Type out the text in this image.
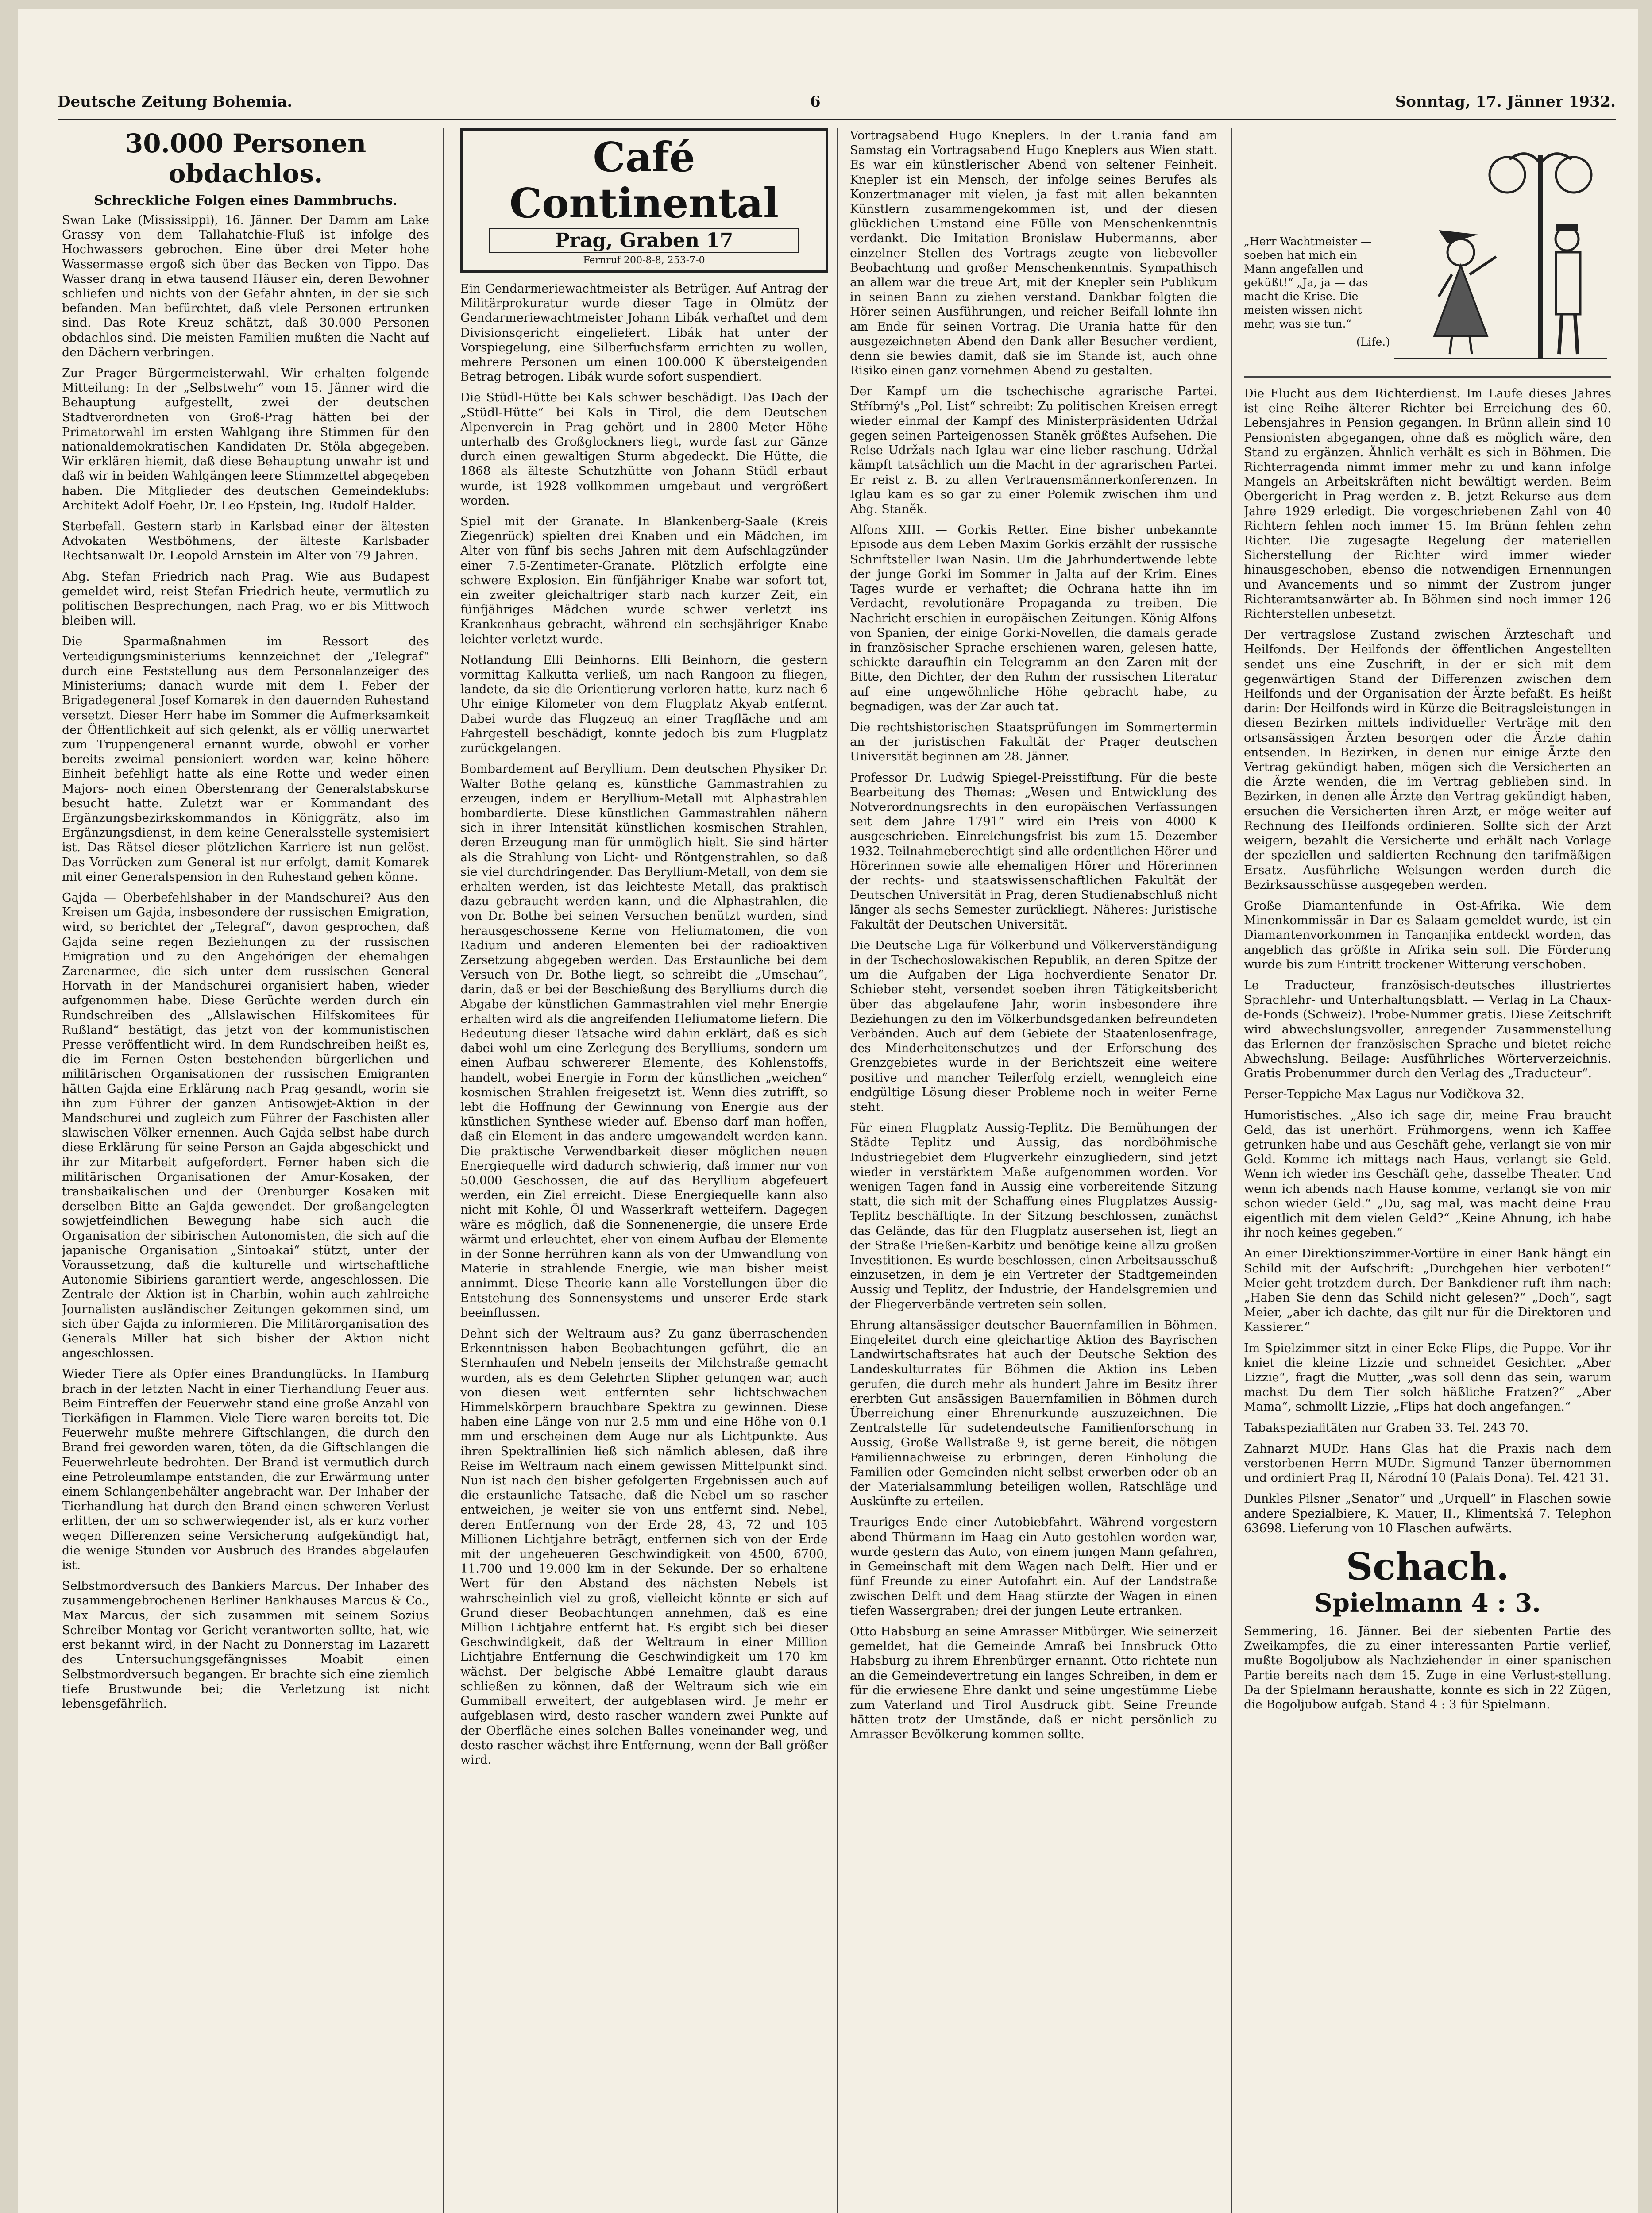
Deutsche Zeitung Bohemia.	6	Sonntag, 17. Jänner 1932.
30.000 Personen obdachlos.
Schreckliche Folgen eines Dammbruchs.

Swan Lake (Mississippi), 16. Jänner. Der Damm am Lake Grassy von dem Tallahatchie-Fluß ist infolge des Hochwassers gebrochen. Eine über drei Meter hohe Wassermasse ergoß sich über das Becken von Tippo. Das Wasser drang in etwa tausend Häuser ein, deren Bewohner schliefen und nichts von der Gefahr ahnten, in der sie sich befanden. Man befürchtet, daß viele Personen ertrunken sind. Das Rote Kreuz schätzt, daß 30.000 Personen obdachlos sind. Die meisten Familien mußten die Nacht auf den Dächern verbringen.

Zur Prager Bürgermeisterwahl. Wir erhalten folgende Mitteilung: In der „Selbstwehr“ vom 15. Jänner wird die Behauptung aufgestellt, zwei der deutschen Stadtverordneten von Groß-Prag hätten bei der Primatorwahl im ersten Wahlgang ihre Stimmen für den nationaldemokratischen Kandidaten Dr. Stöla abgegeben. Wir erklären hiemit, daß diese Behauptung unwahr ist und daß wir in beiden Wahlgängen leere Stimmzettel abgegeben haben. Die Mitglieder des deutschen Gemeindeklubs: Architekt Adolf Foehr, Dr. Leo Epstein, Ing. Rudolf Halder.

Sterbefall. Gestern starb in Karlsbad einer der ältesten Advokaten Westböhmens, der älteste Karlsbader Rechtsanwalt Dr. Leopold Arnstein im Alter von 79 Jahren.

Abg. Stefan Friedrich nach Prag. Wie aus Budapest gemeldet wird, reist Stefan Friedrich heute, vermutlich zu politischen Besprechungen, nach Prag, wo er bis Mittwoch bleiben will.

Die Sparmaßnahmen im Ressort des Verteidigungsministeriums kennzeichnet der „Telegraf“ durch eine Feststellung aus dem Personalanzeiger des Ministeriums; danach wurde mit dem 1. Feber der Brigadegeneral Josef Komarek in den dauernden Ruhestand versetzt. Dieser Herr habe im Sommer die Aufmerksamkeit der Öffentlichkeit auf sich gelenkt, als er völlig unerwartet zum Truppengeneral ernannt wurde, obwohl er vorher bereits zweimal pensioniert worden war, keine höhere Einheit befehligt hatte als eine Rotte und weder einen Majors- noch einen Oberstenrang der Generalstabskurse besucht hatte. Zuletzt war er Kommandant des Ergänzungsbezirkskommandos in Königgrätz, also im Ergänzungsdienst, in dem keine Generalsstelle systemisiert ist. Das Rätsel dieser plötzlichen Karriere ist nun gelöst. Das Vorrücken zum General ist nur erfolgt, damit Komarek mit einer Generalspension in den Ruhestand gehen könne.

Gajda — Oberbefehlshaber in der Mandschurei? Aus den Kreisen um Gajda, insbesondere der russischen Emigration, wird, so berichtet der „Telegraf“, davon gesprochen, daß Gajda seine regen Beziehungen zu der russischen Emigration und zu den Angehörigen der ehemaligen Zarenarmee, die sich unter dem russischen General Horvath in der Mandschurei organisiert haben, wieder aufgenommen habe. Diese Gerüchte werden durch ein Rundschreiben des „Allslawischen Hilfskomitees für Rußland“ bestätigt, das jetzt von der kommunistischen Presse veröffentlicht wird. In dem Rundschreiben heißt es, die im Fernen Osten bestehenden bürgerlichen und militärischen Organisationen der russischen Emigranten hätten Gajda eine Erklärung nach Prag gesandt, worin sie ihn zum Führer der ganzen Antisowjet-Aktion in der Mandschurei und zugleich zum Führer der Faschisten aller slawischen Völker ernennen. Auch Gajda selbst habe durch diese Erklärung für seine Person an Gajda abgeschickt und ihr zur Mitarbeit aufgefordert. Ferner haben sich die militärischen Organisationen der Amur-Kosaken, der transbaikalischen und der Orenburger Kosaken mit derselben Bitte an Gajda gewendet. Der großangelegten sowjetfeindlichen Bewegung habe sich auch die Organisation der sibirischen Autonomisten, die sich auf die japanische Organisation „Sintoakai“ stützt, unter der Voraussetzung, daß die kulturelle und wirtschaftliche Autonomie Sibiriens garantiert werde, angeschlossen. Die Zentrale der Aktion ist in Charbin, wohin auch zahlreiche Journalisten ausländischer Zeitungen gekommen sind, um sich über Gajda zu informieren. Die Militärorganisation des Generals Miller hat sich bisher der Aktion nicht angeschlossen.

Wieder Tiere als Opfer eines Brandunglücks. In Hamburg brach in der letzten Nacht in einer Tierhandlung Feuer aus. Beim Eintreffen der Feuerwehr stand eine große Anzahl von Tierkäfigen in Flammen. Viele Tiere waren bereits tot. Die Feuerwehr mußte mehrere Giftschlangen, die durch den Brand frei geworden waren, töten, da die Giftschlangen die Feuerwehrleute bedrohten. Der Brand ist vermutlich durch eine Petroleumlampe entstanden, die zur Erwärmung unter einem Schlangenbehälter angebracht war. Der Inhaber der Tierhandlung hat durch den Brand einen schweren Verlust erlitten, der um so schwerwiegender ist, als er kurz vorher wegen Differenzen seine Versicherung aufgekündigt hat, die wenige Stunden vor Ausbruch des Brandes abgelaufen ist.

Selbstmordversuch des Bankiers Marcus. Der Inhaber des zusammengebrochenen Berliner Bankhauses Marcus & Co., Max Marcus, der sich zusammen mit seinem Sozius Schreiber Montag vor Gericht verantworten sollte, hat, wie erst bekannt wird, in der Nacht zu Donnerstag im Lazarett des Untersuchungsgefängnisses Moabit einen Selbstmordversuch begangen. Er brachte sich eine ziemlich tiefe Brustwunde bei; die Verletzung ist nicht lebensgefährlich.

Café Continental
Prag, Graben 17
Fernruf 200-8-8, 253-7-0

Ein Gendarmeriewachtmeister als Betrüger. Auf Antrag der Militärprokuratur wurde dieser Tage in Olmütz der Gendarmeriewachtmeister Johann Libák verhaftet und dem Divisionsgericht eingeliefert. Libák hat unter der Vorspiegelung, eine Silberfuchsfarm errichten zu wollen, mehrere Personen um einen 100.000 K übersteigenden Betrag betrogen. Libák wurde sofort suspendiert.

Die Stüdl-Hütte bei Kals schwer beschädigt. Das Dach der „Stüdl-Hütte“ bei Kals in Tirol, die dem Deutschen Alpenverein in Prag gehört und in 2800 Meter Höhe unterhalb des Großglockners liegt, wurde fast zur Gänze durch einen gewaltigen Sturm abgedeckt. Die Hütte, die 1868 als älteste Schutzhütte von Johann Stüdl erbaut wurde, ist 1928 vollkommen umgebaut und vergrößert worden.

Spiel mit der Granate. In Blankenberg-Saale (Kreis Ziegenrück) spielten drei Knaben und ein Mädchen, im Alter von fünf bis sechs Jahren mit dem Aufschlagzünder einer 7.5-Zentimeter-Granate. Plötzlich erfolgte eine schwere Explosion. Ein fünfjähriger Knabe war sofort tot, ein zweiter gleichaltriger starb nach kurzer Zeit, ein fünfjähriges Mädchen wurde schwer verletzt ins Krankenhaus gebracht, während ein sechsjähriger Knabe leichter verletzt wurde.

Notlandung Elli Beinhorns. Elli Beinhorn, die gestern vormittag Kalkutta verließ, um nach Rangoon zu fliegen, landete, da sie die Orientierung verloren hatte, kurz nach 6 Uhr einige Kilometer von dem Flugplatz Akyab entfernt. Dabei wurde das Flugzeug an einer Tragfläche und am Fahrgestell beschädigt, konnte jedoch bis zum Flugplatz zurückgelangen.

Bombardement auf Beryllium. Dem deutschen Physiker Dr. Walter Bothe gelang es, künstliche Gammastrahlen zu erzeugen, indem er Beryllium-Metall mit Alphastrahlen bombardierte. Diese künstlichen Gammastrahlen nähern sich in ihrer Intensität künstlichen kosmischen Strahlen, deren Erzeugung man für unmöglich hielt. Sie sind härter als die Strahlung von Licht- und Röntgenstrahlen, so daß sie viel durchdringender. Das Beryllium-Metall, von dem sie erhalten werden, ist das leichteste Metall, das praktisch dazu gebraucht werden kann, und die Alphastrahlen, die von Dr. Bothe bei seinen Versuchen benützt wurden, sind herausgeschossene Kerne von Heliumatomen, die von Radium und anderen Elementen bei der radioaktiven Zersetzung abgegeben werden. Das Erstaunliche bei dem Versuch von Dr. Bothe liegt, so schreibt die „Umschau“, darin, daß er bei der Beschießung des Berylliums durch die Abgabe der künstlichen Gammastrahlen viel mehr Energie erhalten wird als die angreifenden Heliumatome liefern. Die Bedeutung dieser Tatsache wird dahin erklärt, daß es sich dabei wohl um eine Zerlegung des Berylliums, sondern um einen Aufbau schwererer Elemente, des Kohlenstoffs, handelt, wobei Energie in Form der künstlichen „weichen“ kosmischen Strahlen freigesetzt ist. Wenn dies zutrifft, so lebt die Hoffnung der Gewinnung von Energie aus der künstlichen Synthese wieder auf. Ebenso darf man hoffen, daß ein Element in das andere umgewandelt werden kann. Die praktische Verwendbarkeit dieser möglichen neuen Energiequelle wird dadurch schwierig, daß immer nur von 50.000 Geschossen, die auf das Beryllium abgefeuert werden, ein Ziel erreicht. Diese Energiequelle kann also nicht mit Kohle, Öl und Wasserkraft wetteifern. Dagegen wäre es möglich, daß die Sonnenenergie, die unsere Erde wärmt und erleuchtet, eher von einem Aufbau der Elemente in der Sonne herrühren kann als von der Umwandlung von Materie in strahlende Energie, wie man bisher meist annimmt. Diese Theorie kann alle Vorstellungen über die Entstehung des Sonnensystems und unserer Erde stark beeinflussen.

Dehnt sich der Weltraum aus? Zu ganz überraschenden Erkenntnissen haben Beobachtungen geführt, die an Sternhaufen und Nebeln jenseits der Milchstraße gemacht wurden, als es dem Gelehrten Slipher gelungen war, auch von diesen weit entfernten sehr lichtschwachen Himmelskörpern brauchbare Spektra zu gewinnen. Diese haben eine Länge von nur 2.5 mm und eine Höhe von 0.1 mm und erscheinen dem Auge nur als Lichtpunkte. Aus ihren Spektrallinien ließ sich nämlich ablesen, daß ihre Reise im Weltraum nach einem gewissen Mittelpunkt sind. Nun ist nach den bisher gefolgerten Ergebnissen auch auf die erstaunliche Tatsache, daß die Nebel um so rascher entweichen, je weiter sie von uns entfernt sind. Nebel, deren Entfernung von der Erde 28, 43, 72 und 105 Millionen Lichtjahre beträgt, entfernen sich von der Erde mit der ungeheueren Geschwindigkeit von 4500, 6700, 11.700 und 19.000 km in der Sekunde. Der so erhaltene Wert für den Abstand des nächsten Nebels ist wahrscheinlich viel zu groß, vielleicht könnte er sich auf Grund dieser Beobachtungen annehmen, daß es eine Million Lichtjahre entfernt hat. Es ergibt sich bei dieser Geschwindigkeit, daß der Weltraum in einer Million Lichtjahre Entfernung die Geschwindigkeit um 170 km wächst. Der belgische Abbé Lemaître glaubt daraus schließen zu können, daß der Weltraum sich wie ein Gummiball erweitert, der aufgeblasen wird. Je mehr er aufgeblasen wird, desto rascher wandern zwei Punkte auf der Oberfläche eines solchen Balles voneinander weg, und desto rascher wächst ihre Entfernung, wenn der Ball größer wird.

Vortragsabend Hugo Kneplers. In der Urania fand am Samstag ein Vortragsabend Hugo Kneplers aus Wien statt. Es war ein künstlerischer Abend von seltener Feinheit. Knepler ist ein Mensch, der infolge seines Berufes als Konzertmanager mit vielen, ja fast mit allen bekannten Künstlern zusammengekommen ist, und der diesen glücklichen Umstand eine Fülle von Menschenkenntnis verdankt. Die Imitation Bronislaw Hubermanns, aber einzelner Stellen des Vortrags zeugte von liebevoller Beobachtung und großer Menschenkenntnis. Sympathisch an allem war die treue Art, mit der Knepler sein Publikum in seinen Bann zu ziehen verstand. Dankbar folgten die Hörer seinen Ausführungen, und reicher Beifall lohnte ihn am Ende für seinen Vortrag. Die Urania hatte für den ausgezeichneten Abend den Dank aller Besucher verdient, denn sie bewies damit, daß sie im Stande ist, auch ohne Risiko einen ganz vornehmen Abend zu gestalten.

Der Kampf um die tschechische agrarische Partei. Stříbrný's „Pol. List“ schreibt: Zu politischen Kreisen erregt wieder einmal der Kampf des Ministerpräsidenten Udržal gegen seinen Parteigenossen Staněk größtes Aufsehen. Die Reise Udržals nach Iglau war eine lieber raschung. Udržal kämpft tatsächlich um die Macht in der agrarischen Partei. Er reist z. B. zu allen Vertrauensmännerkonferenzen. In Iglau kam es so gar zu einer Polemik zwischen ihm und Abg. Staněk.

Alfons XIII. — Gorkis Retter. Eine bisher unbekannte Episode aus dem Leben Maxim Gorkis erzählt der russische Schriftsteller Iwan Nasin. Um die Jahrhundertwende lebte der junge Gorki im Sommer in Jalta auf der Krim. Eines Tages wurde er verhaftet; die Ochrana hatte ihn im Verdacht, revolutionäre Propaganda zu treiben. Die Nachricht erschien in europäischen Zeitungen. König Alfons von Spanien, der einige Gorki-Novellen, die damals gerade in französischer Sprache erschienen waren, gelesen hatte, schickte daraufhin ein Telegramm an den Zaren mit der Bitte, den Dichter, der den Ruhm der russischen Literatur auf eine ungewöhnliche Höhe gebracht habe, zu begnadigen, was der Zar auch tat.

Die rechtshistorischen Staatsprüfungen im Sommertermin an der juristischen Fakultät der Prager deutschen Universität beginnen am 28. Jänner.

Professor Dr. Ludwig Spiegel-Preisstiftung. Für die beste Bearbeitung des Themas: „Wesen und Entwicklung des Notverordnungsrechts in den europäischen Verfassungen seit dem Jahre 1791“ wird ein Preis von 4000 K ausgeschrieben. Einreichungsfrist bis zum 15. Dezember 1932. Teilnahmeberechtigt sind alle ordentlichen Hörer und Hörerinnen sowie alle ehemaligen Hörer und Hörerinnen der rechts- und staatswissenschaftlichen Fakultät der Deutschen Universität in Prag, deren Studienabschluß nicht länger als sechs Semester zurückliegt. Näheres: Juristische Fakultät der Deutschen Universität.

Die Deutsche Liga für Völkerbund und Völkerverständigung in der Tschechoslowakischen Republik, an deren Spitze der um die Aufgaben der Liga hochverdiente Senator Dr. Schieber steht, versendet soeben ihren Tätigkeitsbericht über das abgelaufene Jahr, worin insbesondere ihre Beziehungen zu den im Völkerbundsgedanken befreundeten Verbänden. Auch auf dem Gebiete der Staatenlosenfrage, des Minderheitenschutzes und der Erforschung des Grenzgebietes wurde in der Berichtszeit eine weitere positive und mancher Teilerfolg erzielt, wenngleich eine endgültige Lösung dieser Probleme noch in weiter Ferne steht.

Für einen Flugplatz Aussig-Teplitz. Die Bemühungen der Städte Teplitz und Aussig, das nordböhmische Industriegebiet dem Flugverkehr einzugliedern, sind jetzt wieder in verstärktem Maße aufgenommen worden. Vor wenigen Tagen fand in Aussig eine vorbereitende Sitzung statt, die sich mit der Schaffung eines Flugplatzes Aussig-Teplitz beschäftigte. In der Sitzung beschlossen, zunächst das Gelände, das für den Flugplatz ausersehen ist, liegt an der Straße Prießen-Karbitz und benötige keine allzu großen Investitionen. Es wurde beschlossen, einen Arbeitsausschuß einzusetzen, in dem je ein Vertreter der Stadtgemeinden Aussig und Teplitz, der Industrie, der Handelsgremien und der Fliegerverbände vertreten sein sollen.

Ehrung altansässiger deutscher Bauernfamilien in Böhmen. Eingeleitet durch eine gleichartige Aktion des Bayrischen Landwirtschaftsrates hat auch der Deutsche Sektion des Landeskulturrates für Böhmen die Aktion ins Leben gerufen, die durch mehr als hundert Jahre im Besitz ihrer ererbten Gut ansässigen Bauernfamilien in Böhmen durch Überreichung einer Ehrenurkunde auszuzeichnen. Die Zentralstelle für sudetendeutsche Familienforschung in Aussig, Große Wallstraße 9, ist gerne bereit, die nötigen Familiennachweise zu erbringen, deren Einholung die Familien oder Gemeinden nicht selbst erwerben oder ob an der Materialsammlung beteiligen wollen, Ratschläge und Auskünfte zu erteilen.

Trauriges Ende einer Autobiebfahrt. Während vorgestern abend Thürmann im Haag ein Auto gestohlen worden war, wurde gestern das Auto, von einem jungen Mann gefahren, in Gemeinschaft mit dem Wagen nach Delft. Hier und er fünf Freunde zu einer Autofahrt ein. Auf der Landstraße zwischen Delft und dem Haag stürzte der Wagen in einen tiefen Wassergraben; drei der jungen Leute ertranken.

Otto Habsburg an seine Amrasser Mitbürger. Wie seinerzeit gemeldet, hat die Gemeinde Amraß bei Innsbruck Otto Habsburg zu ihrem Ehrenbürger ernannt. Otto richtete nun an die Gemeindevertretung ein langes Schreiben, in dem er für die erwiesene Ehre dankt und seine ungestümme Liebe zum Vaterland und Tirol Ausdruck gibt. Seine Freunde hätten trotz der Umstände, daß er nicht persönlich zu Amrasser Bevölkerung kommen sollte.

„Herr Wachtmeister — soeben hat mich ein Mann angefallen und geküßt!“ „Ja, ja — das macht die Krise. Die meisten wissen nicht mehr, was sie tun.“
(Life.)

Die Flucht aus dem Richterdienst. Im Laufe dieses Jahres ist eine Reihe älterer Richter bei Erreichung des 60. Lebensjahres in Pension gegangen. In Brünn allein sind 10 Pensionisten abgegangen, ohne daß es möglich wäre, den Stand zu ergänzen. Ähnlich verhält es sich in Böhmen. Die Richterragenda nimmt immer mehr zu und kann infolge Mangels an Arbeitskräften nicht bewältigt werden. Beim Obergericht in Prag werden z. B. jetzt Rekurse aus dem Jahre 1929 erledigt. Die vorgeschriebenen Zahl von 40 Richtern fehlen noch immer 15. Im Brünn fehlen zehn Richter. Die zugesagte Regelung der materiellen Sicherstellung der Richter wird immer wieder hinausgeschoben, ebenso die notwendigen Ernennungen und Avancements und so nimmt der Zustrom junger Richteramtsanwärter ab. In Böhmen sind noch immer 126 Richterstellen unbesetzt.

Der vertragslose Zustand zwischen Ärzteschaft und Heilfonds. Der Heilfonds der öffentlichen Angestellten sendet uns eine Zuschrift, in der er sich mit dem gegenwärtigen Stand der Differenzen zwischen dem Heilfonds und der Organisation der Ärzte befaßt. Es heißt darin: Der Heilfonds wird in Kürze die Beitragsleistungen in diesen Bezirken mittels individueller Verträge mit den ortsansässigen Ärzten besorgen oder die Ärzte dahin entsenden. In Bezirken, in denen nur einige Ärzte den Vertrag gekündigt haben, mögen sich die Versicherten an die Ärzte wenden, die im Vertrag geblieben sind. In Bezirken, in denen alle Ärzte den Vertrag gekündigt haben, ersuchen die Versicherten ihren Arzt, er möge weiter auf Rechnung des Heilfonds ordinieren. Sollte sich der Arzt weigern, bezahlt die Versicherte und erhält nach Vorlage der speziellen und saldierten Rechnung den tarifmäßigen Ersatz. Ausführliche Weisungen werden durch die Bezirksausschüsse ausgegeben werden.

Große Diamantenfunde in Ost-Afrika. Wie dem Minenkommissär in Dar es Salaam gemeldet wurde, ist ein Diamantenvorkommen in Tanganjika entdeckt worden, das angeblich das größte in Afrika sein soll. Die Förderung wurde bis zum Eintritt trockener Witterung verschoben.

Le Traducteur, französisch-deutsches illustriertes Sprachlehr- und Unterhaltungsblatt. — Verlag in La Chaux-de-Fonds (Schweiz). Probe-Nummer gratis. Diese Zeitschrift wird abwechslungsvoller, anregender Zusammenstellung das Erlernen der französischen Sprache und bietet reiche Abwechslung. Beilage: Ausführliches Wörterverzeichnis. Gratis Probenummer durch den Verlag des „Traducteur“.

Perser-Teppiche Max Lagus nur Vodičkova 32.

Humoristisches. „Also ich sage dir, meine Frau braucht Geld, das ist unerhört. Frühmorgens, wenn ich Kaffee getrunken habe und aus Geschäft gehe, verlangt sie von mir Geld. Komme ich mittags nach Haus, verlangt sie Geld. Wenn ich wieder ins Geschäft gehe, dasselbe Theater. Und wenn ich abends nach Hause komme, verlangt sie von mir schon wieder Geld.“ „Du, sag mal, was macht deine Frau eigentlich mit dem vielen Geld?“ „Keine Ahnung, ich habe ihr noch keines gegeben.“

An einer Direktionszimmer-Vortüre in einer Bank hängt ein Schild mit der Aufschrift: „Durchgehen hier verboten!“ Meier geht trotzdem durch. Der Bankdiener ruft ihm nach: „Haben Sie denn das Schild nicht gelesen?“ „Doch“, sagt Meier, „aber ich dachte, das gilt nur für die Direktoren und Kassierer.“

Im Spielzimmer sitzt in einer Ecke Flips, die Puppe. Vor ihr kniet die kleine Lizzie und schneidet Gesichter. „Aber Lizzie“, fragt die Mutter, „was soll denn das sein, warum machst Du dem Tier solch häßliche Fratzen?“ „Aber Mama“, schmollt Lizzie, „Flips hat doch angefangen.“

Tabakspezialitäten nur Graben 33. Tel. 243 70.

Zahnarzt MUDr. Hans Glas hat die Praxis nach dem verstorbenen Herrn MUDr. Sigmund Tanzer übernommen und ordiniert Prag II, Národní 10 (Palais Dona). Tel. 421 31.

Dunkles Pilsner „Senator“ und „Urquell“ in Flaschen sowie andere Spezialbiere, K. Mauer, II., Klimentská 7. Telephon 63698. Lieferung von 10 Flaschen aufwärts.

Schach.
Spielmann 4 : 3.

Semmering, 16. Jänner. Bei der siebenten Partie des Zweikampfes, die zu einer interessanten Partie verlief, mußte Bogoljubow als Nachziehender in einer spanischen Partie bereits nach dem 15. Zuge in eine Verlust-stellung. Da der Spielmann heraushatte, konnte es sich in 22 Zügen, die Bogoljubow aufgab. Stand 4 : 3 für Spielmann.
